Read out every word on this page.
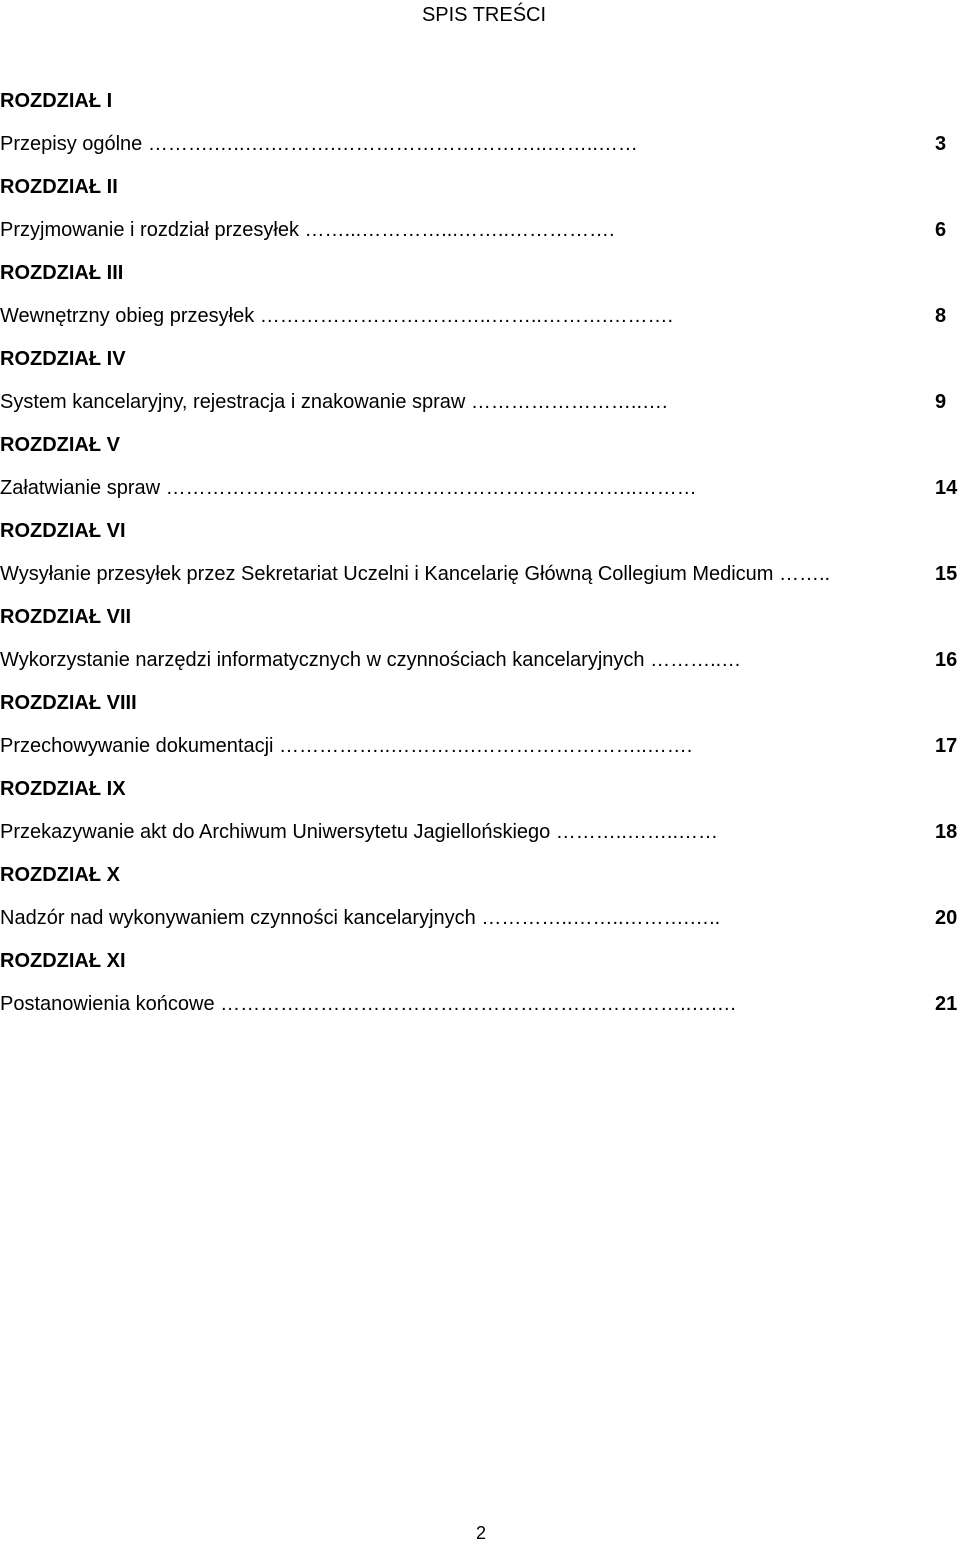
SPIS TREŚCI
ROZDZIAŁ I
Przepisy ogólne ……….…..….……….…………………………..……..……	3
ROZDZIAŁ II
Przyjmowanie i rozdział przesyłek ……...…………...……..…………….	6
ROZDZIAŁ III
Wewnętrzny obieg przesyłek ……………………………..……..……….……….	8
ROZDZIAŁ IV
System kancelaryjny, rejestracja i znakowanie spraw ……………………..….	9
ROZDZIAŁ V
Załatwianie spraw ……………………………………………………………..………	14
ROZDZIAŁ VI
Wysyłanie przesyłek przez Sekretariat Uczelni i Kancelarię Główną Collegium Medicum ……..	15
ROZDZIAŁ VII
Wykorzystanie narzędzi informatycznych w czynnościach kancelaryjnych ………..…	16
ROZDZIAŁ VIII
Przechowywanie dokumentacji ……………..………….……………………..…….	17
ROZDZIAŁ IX
Przekazywanie akt do Archiwum Uniwersytetu Jagiellońskiego ………..……..……	18
ROZDZIAŁ X
Nadzór nad wykonywaniem czynności kancelaryjnych …………..……..……….…..	20
ROZDZIAŁ XI
Postanowienia końcowe ……………………………………………………………..….…	21
2
